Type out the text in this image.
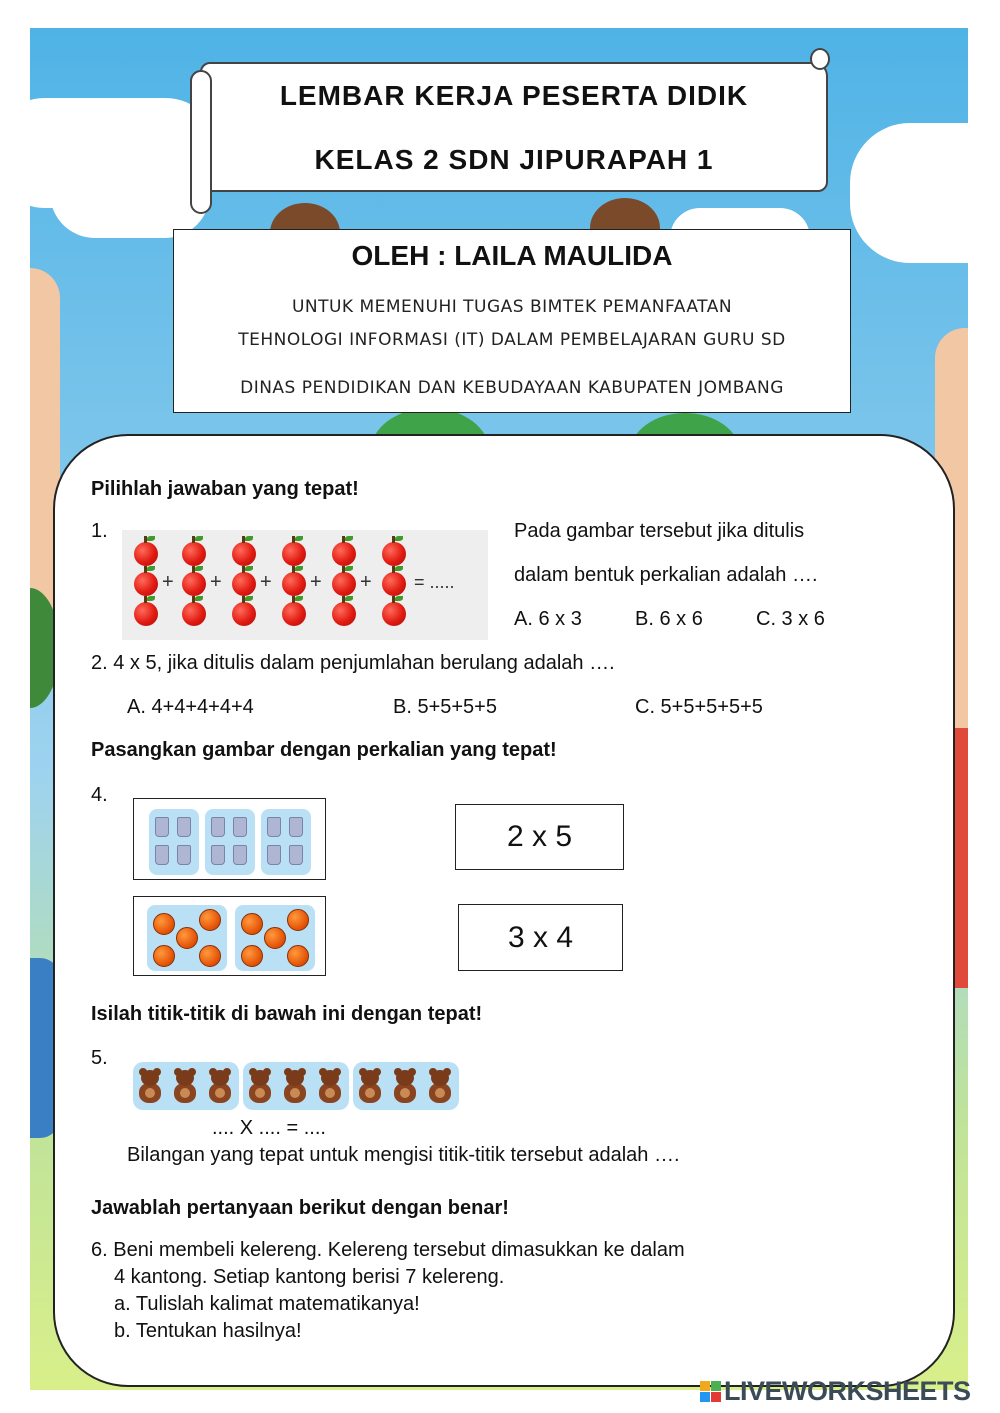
LEMBAR KERJA PESERTA DIDIK
KELAS 2 SDN JIPURAPAH 1
OLEH : LAILA MAULIDA
UNTUK MEMENUHI TUGAS BIMTEK PEMANFAATAN
TEHNOLOGI INFORMASI (IT) DALAM PEMBELAJARAN GURU SD
DINAS PENDIDIKAN DAN KEBUDAYAAN KABUPATEN JOMBANG
Pilihlah jawaban yang tepat!
1.
+ + + + + = .....
Pada gambar tersebut jika ditulis
dalam bentuk perkalian adalah ….
A. 6 x 3	B. 6 x 6	C. 3 x 6
2. 4 x 5, jika ditulis dalam penjumlahan berulang adalah ….
A. 4+4+4+4+4	B. 5+5+5+5	C. 5+5+5+5+5
Pasangkan gambar dengan perkalian yang tepat!
4.
2 x 5
3 x 4
Isilah titik-titik di bawah ini dengan tepat!
5.
.... X .... = ....
Bilangan yang tepat untuk mengisi titik-titik tersebut adalah ….
Jawablah pertanyaan berikut dengan benar!
6. Beni membeli kelereng. Kelereng tersebut dimasukkan ke dalam
4 kantong. Setiap kantong berisi 7 kelereng.
a. Tulislah kalimat matematikanya!
b. Tentukan hasilnya!
LIVEWORKSHEETS
